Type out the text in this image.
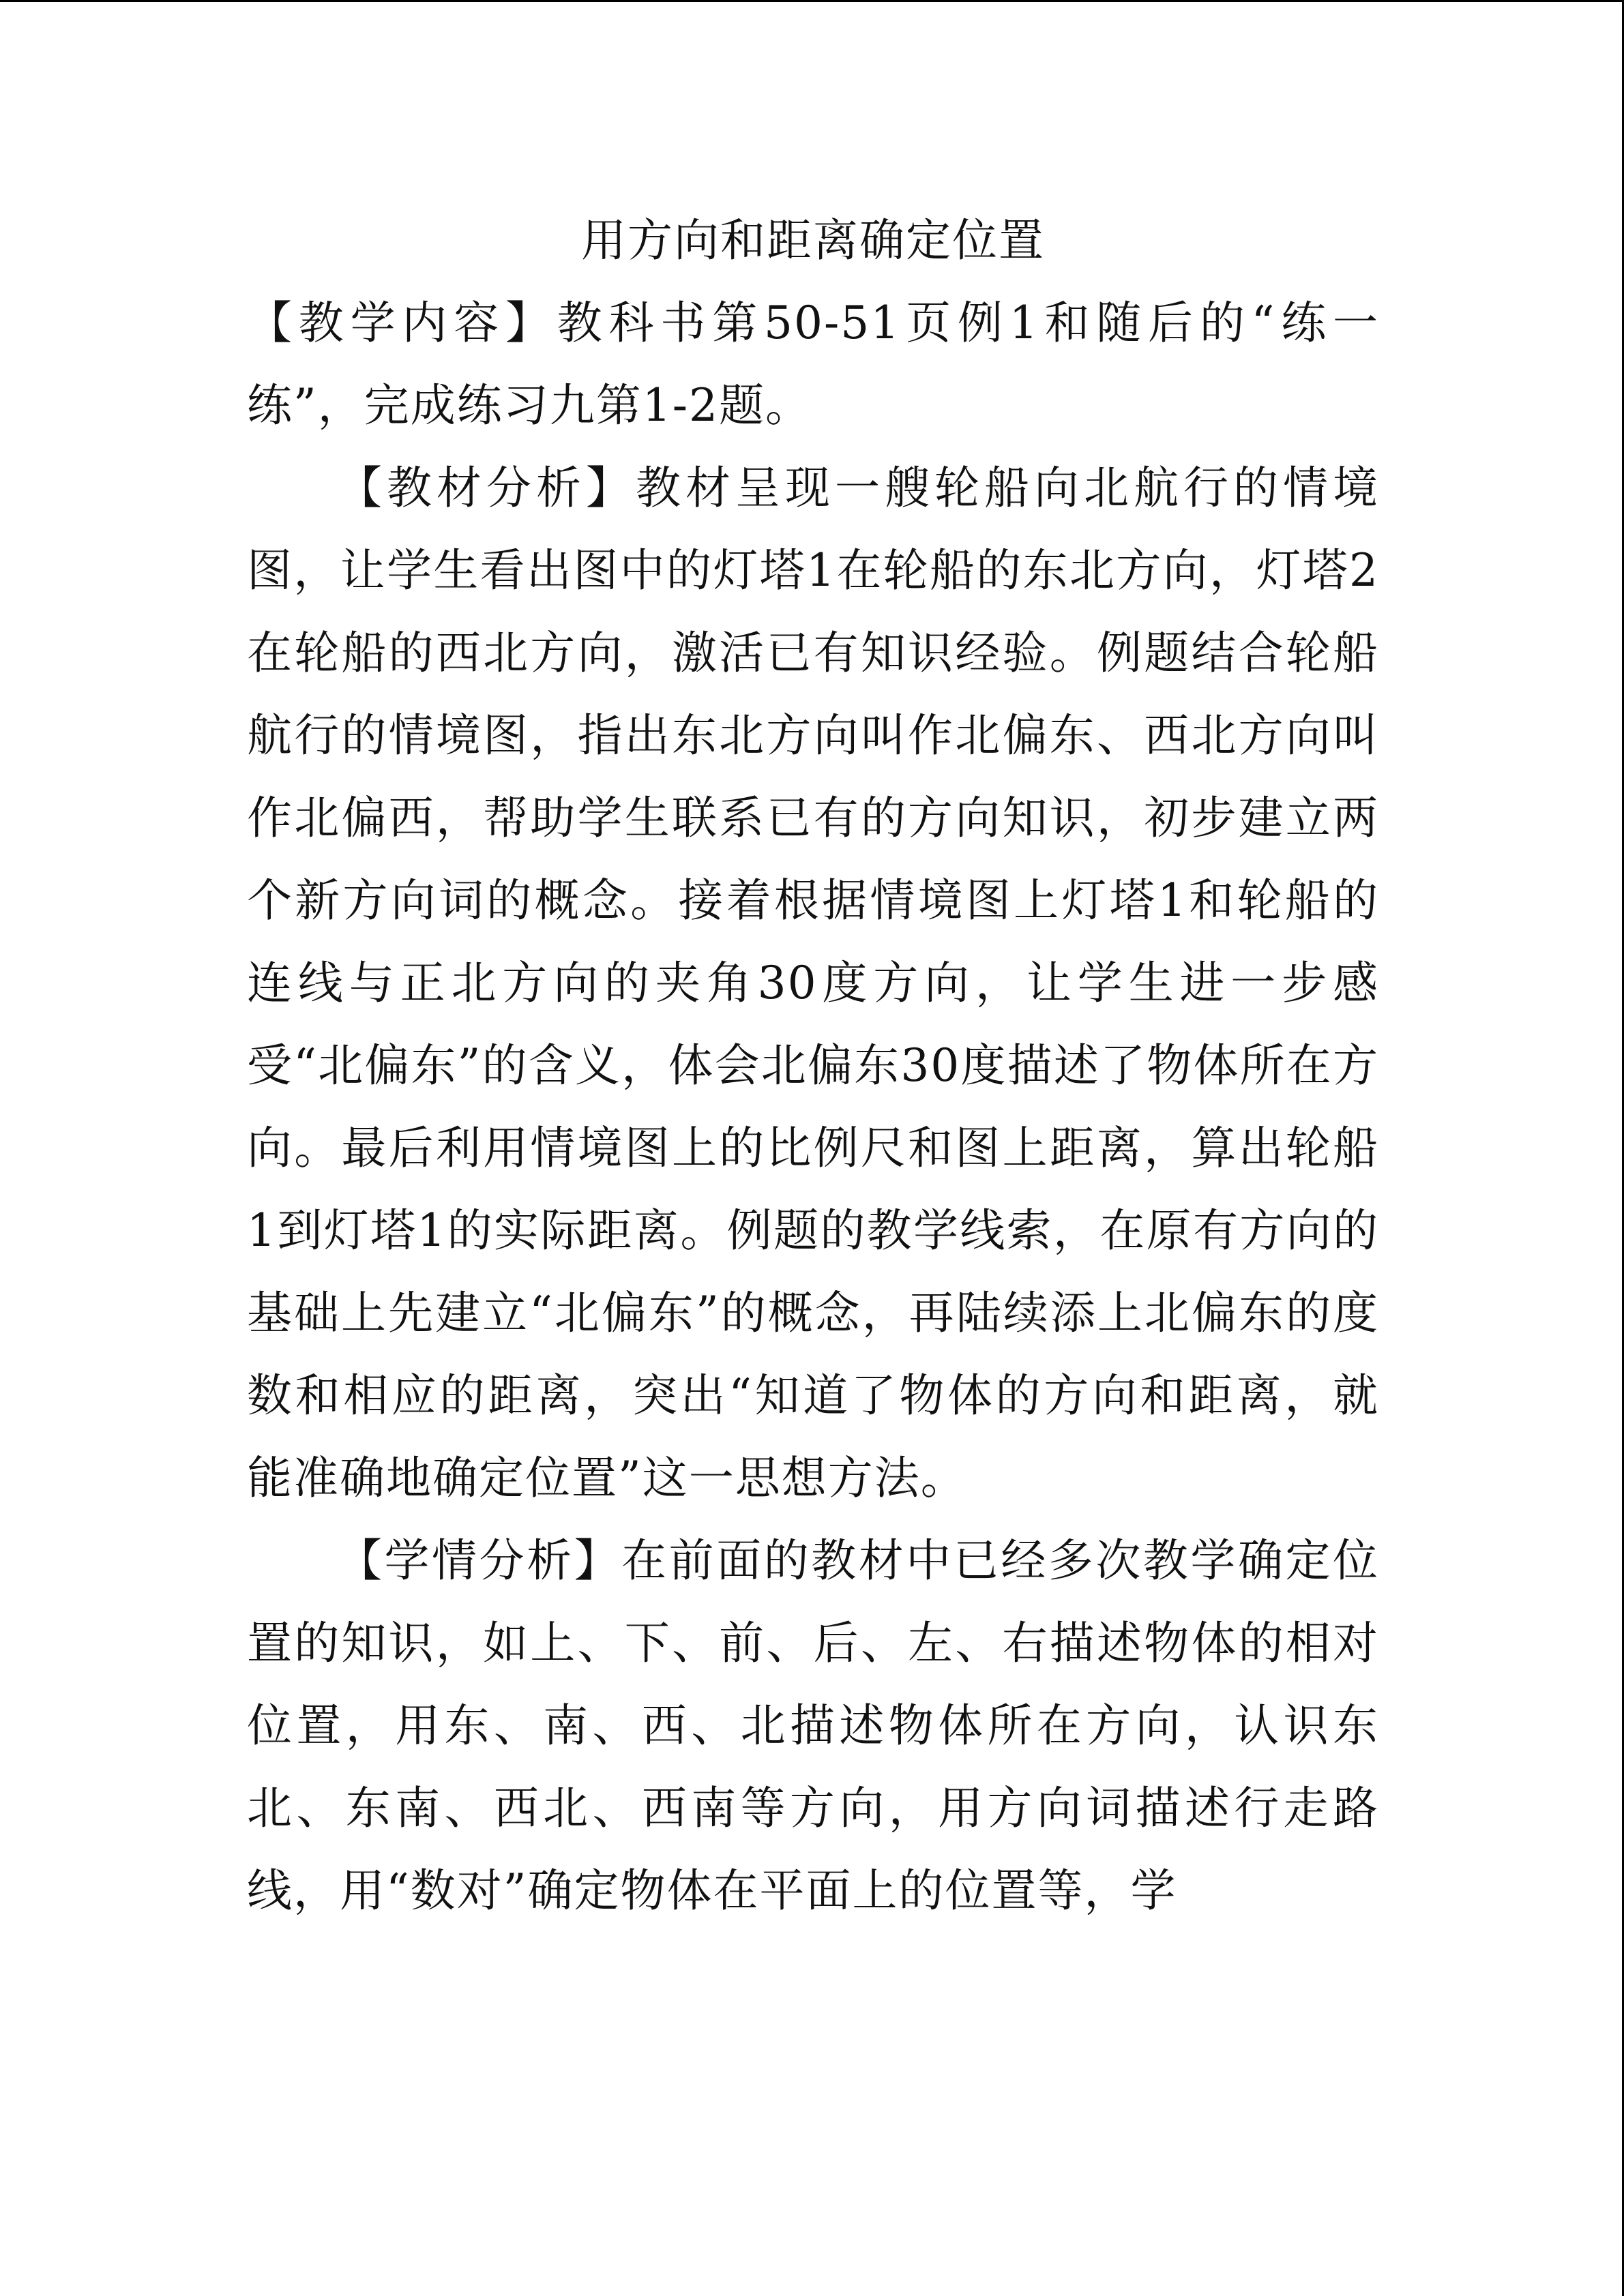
用方向和距离确定位置

【教学内容】教科书第50-51页例1和随后的“练一练”，完成练习九第1-2题。

【教材分析】教材呈现一艘轮船向北航行的情境图，让学生看出图中的灯塔1在轮船的东北方向，灯塔2在轮船的西北方向，激活已有知识经验。例题结合轮船航行的情境图，指出东北方向叫作北偏东、西北方向叫作北偏西，帮助学生联系已有的方向知识，初步建立两个新方向词的概念。接着根据情境图上灯塔1和轮船的连线与正北方向的夹角30度方向，让学生进一步感受“北偏东”的含义，体会北偏东30度描述了物体所在方向。最后利用情境图上的比例尺和图上距离，算出轮船1到灯塔1的实际距离。例题的教学线索，在原有方向的基础上先建立“北偏东”的概念，再陆续添上北偏东的度数和相应的距离，突出“知道了物体的方向和距离，就能准确地确定位置”这一思想方法。

【学情分析】在前面的教材中已经多次教学确定位置的知识，如上、下、前、后、左、右描述物体的相对位置，用东、南、西、北描述物体所在方向，认识东北、东南、西北、西南等方向，用方向词描述行走路线，用“数对”确定物体在平面上的位置等，学
